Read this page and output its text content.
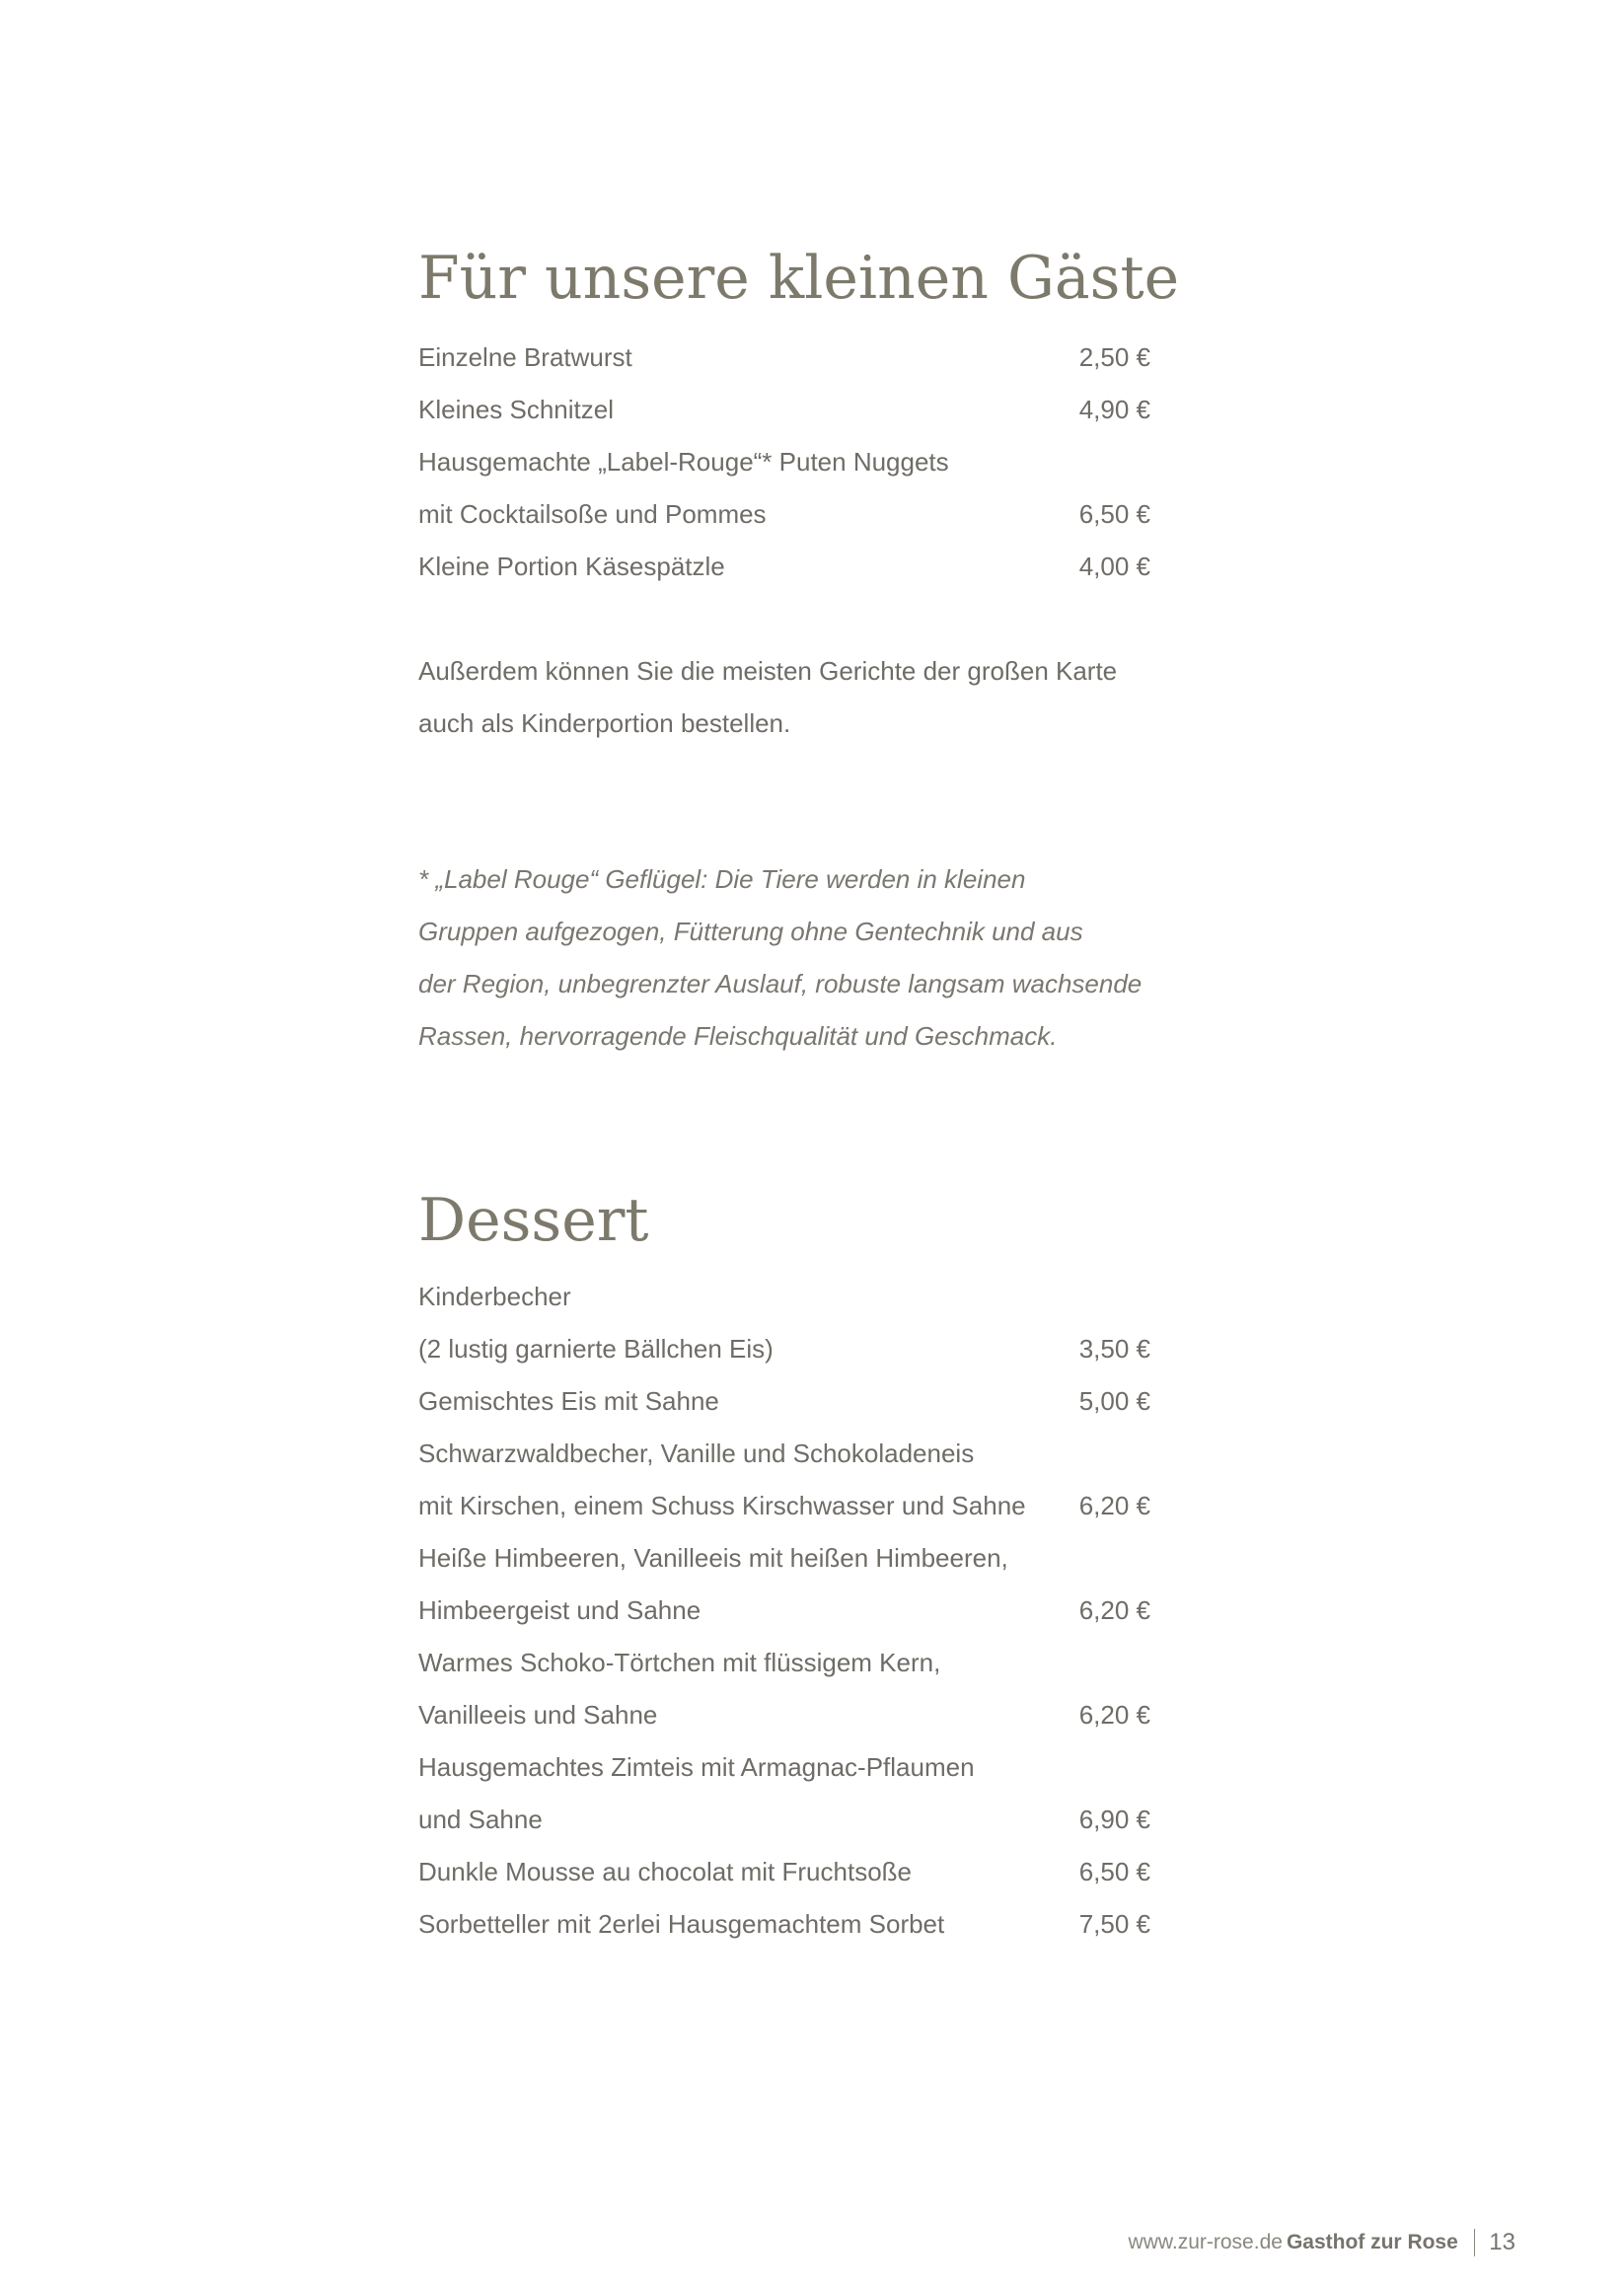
Für unsere kleinen Gäste
Einzelne Bratwurst	2,50 €
Kleines Schnitzel	4,90 €
Hausgemachte „Label-Rouge“* Puten Nuggets
mit Cocktailsoße und Pommes	6,50 €
Kleine Portion Käsespätzle	4,00 €

Außerdem können Sie die meisten Gerichte der großen Karte
auch als Kinderportion bestellen.

* „Label Rouge“ Geflügel: Die Tiere werden in kleinen
Gruppen aufgezogen, Fütterung ohne Gentechnik und aus
der Region, unbegrenzter Auslauf, robuste langsam wachsende
Rassen, hervorragende Fleischqualität und Geschmack.

Dessert
Kinderbecher
(2 lustig garnierte Bällchen Eis)	3,50 €
Gemischtes Eis mit Sahne	5,00 €
Schwarzwaldbecher, Vanille und Schokoladeneis
mit Kirschen, einem Schuss Kirschwasser und Sahne 6,20 €
Heiße Himbeeren, Vanilleeis mit heißen Himbeeren,
Himbeergeist und Sahne	6,20 €
Warmes Schoko-Törtchen mit flüssigem Kern,
Vanilleeis und Sahne	6,20 €
Hausgemachtes Zimteis mit Armagnac-Pflaumen
und Sahne	6,90 €
Dunkle Mousse au chocolat mit Fruchtsoße	6,50 €
Sorbetteller mit 2erlei Hausgemachtem Sorbet	7,50 €
www.zur-rose.de Gasthof zur Rose 13
